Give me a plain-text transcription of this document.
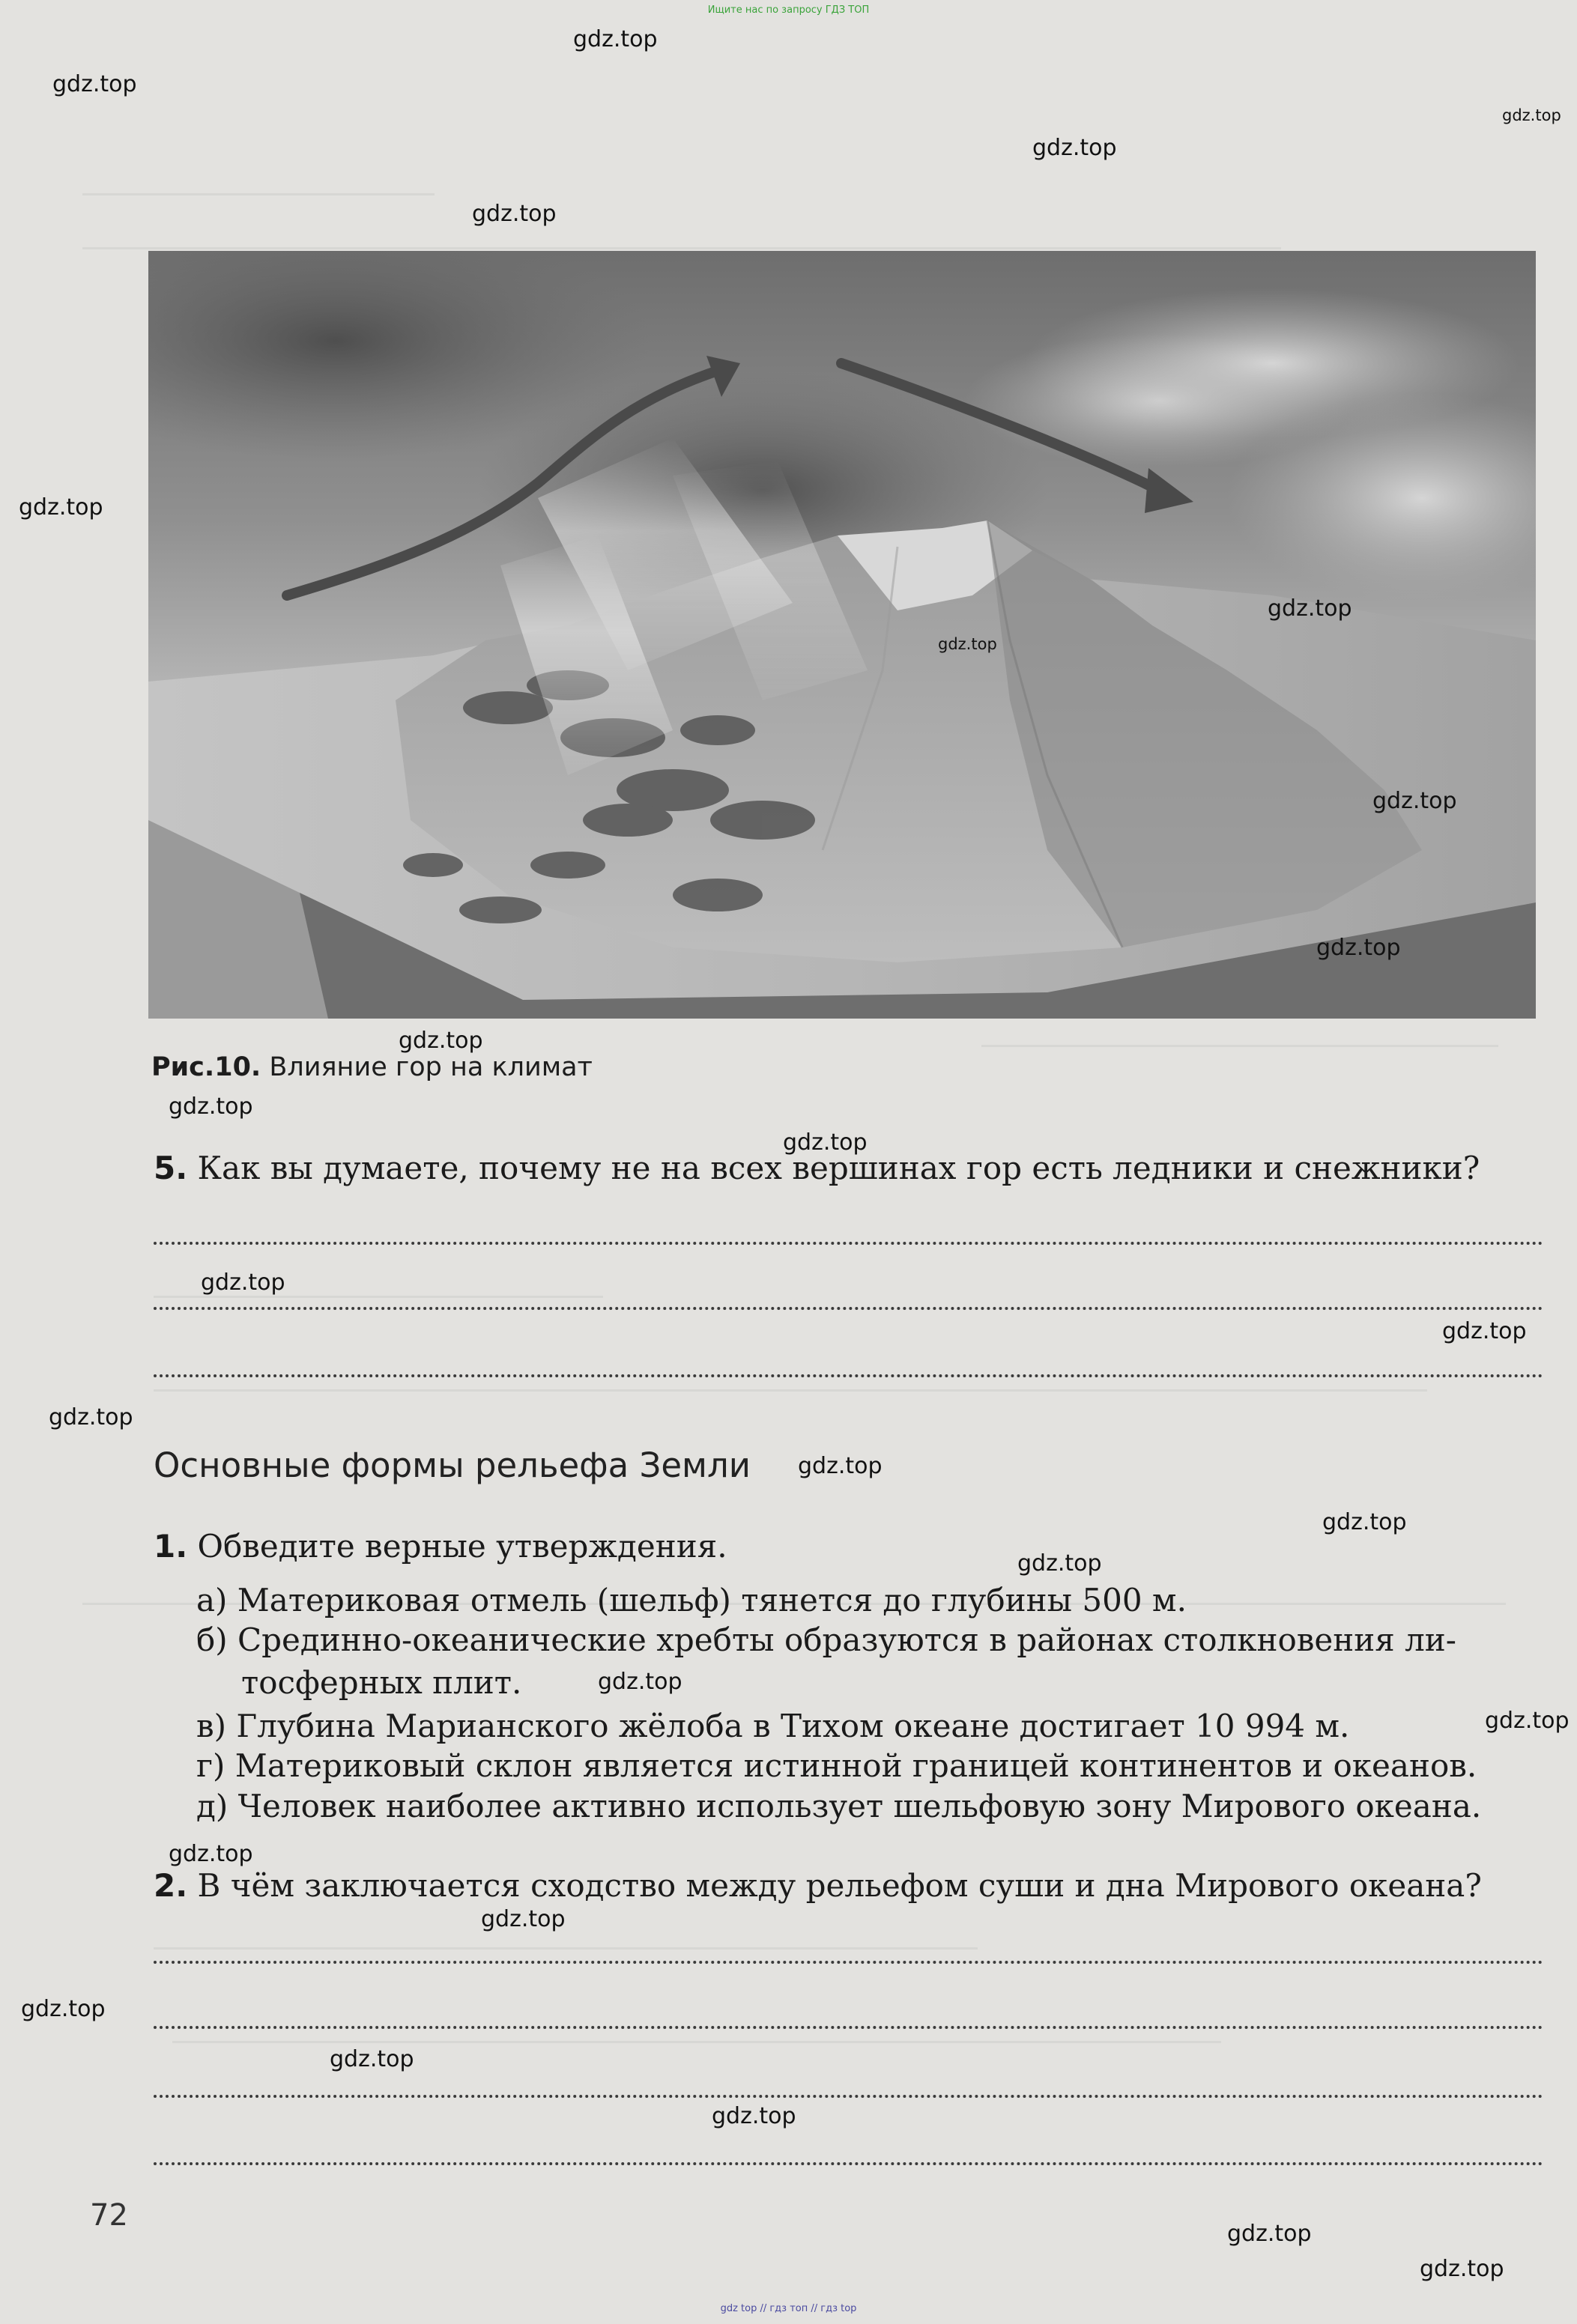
Ищите нас по запросу ГДЗ ТОП
Рис.10. Влияние гор на климат
5. Как вы думаете, почему не на всех вершинах гор есть ледники и снежники?
Основные формы рельефа Земли
1. Обведите верные утверждения.
а) Материковая отмель (шельф) тянется до глубины 500 м.
б) Срединно-океанические хребты образуются в районах столкновения ли-
тосферных плит.
в) Глубина Марианского жёлоба в Тихом океане достигает 10 994 м.
г) Материковый склон является истинной границей континентов и океанов.
д) Человек наиболее активно использует шельфовую зону Мирового океана.
2. В чём заключается сходство между рельефом суши и дна Мирового океана?
72
gdz.top
gdz.top
gdz.top
gdz.top
gdz.top
gdz.top
gdz.top
gdz.top
gdz.top
gdz.top
gdz.top
gdz.top
gdz.top
gdz.top
gdz.top
gdz.top
gdz.top
gdz.top
gdz.top
gdz.top
gdz.top
gdz.top
gdz.top
gdz.top
gdz.top
gdz.top
gdz.top
gdz.top
gdz top // гдз топ // гдз top
